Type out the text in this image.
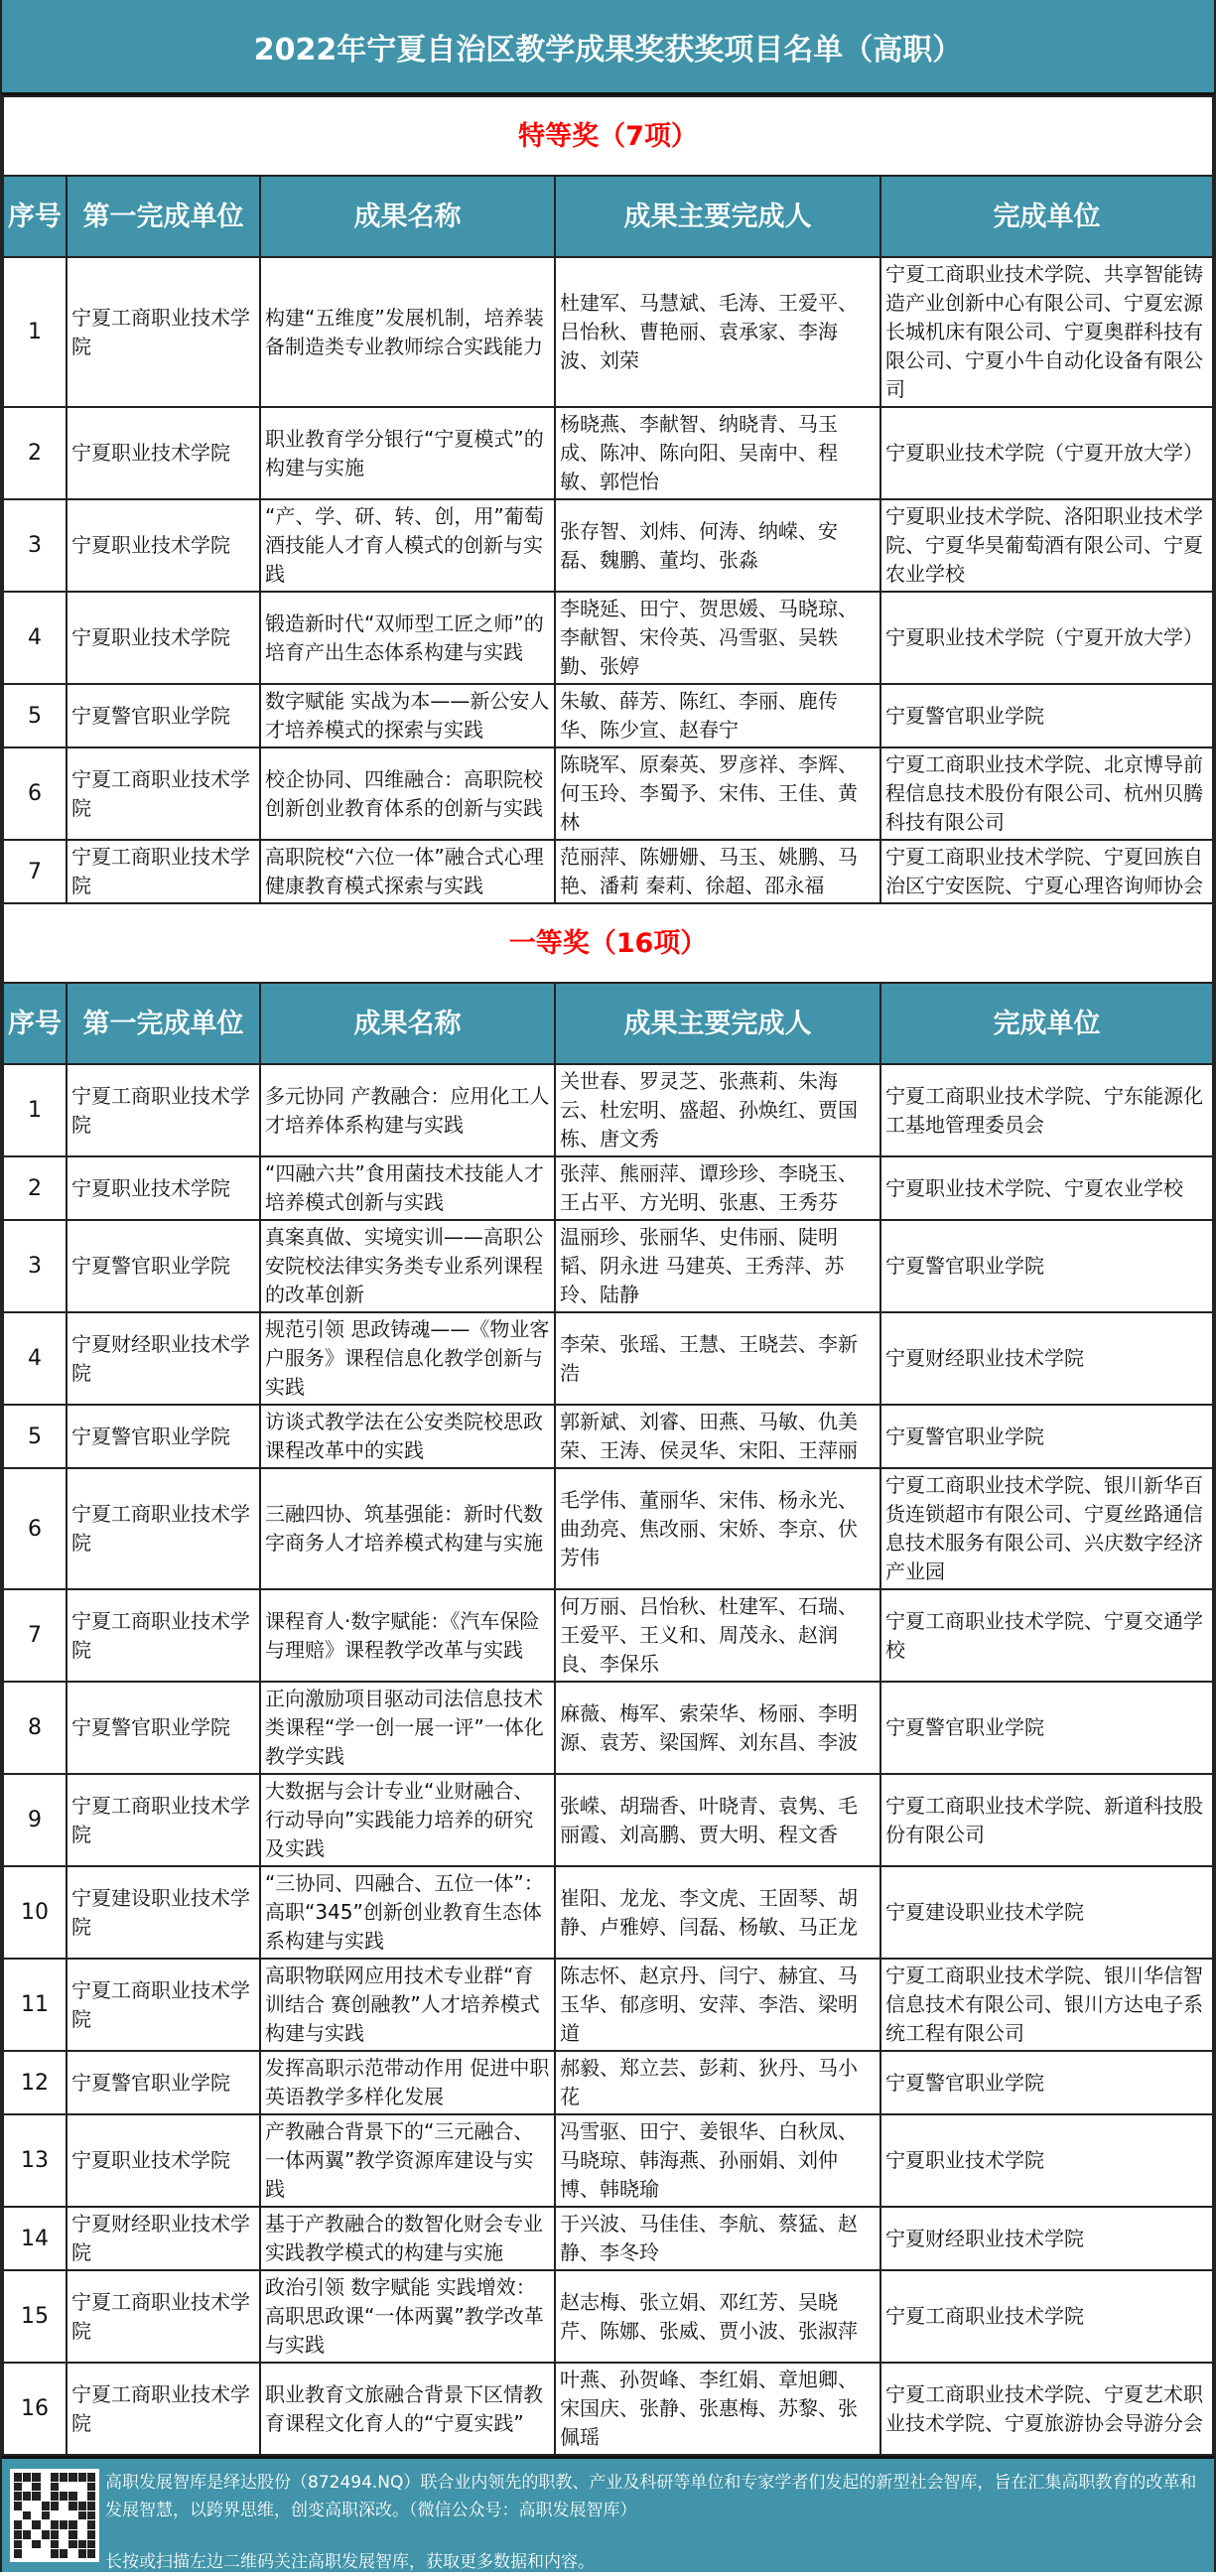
2022年宁夏自治区教学成果奖获奖项目名单（高职）
特等奖（7项）				
序号	第一完成单位	成果名称	成果主要完成人	完成单位
1	宁夏工商职业技术学院	构建“五维度”发展机制，培养装备制造类专业教师综合实践能力	杜建军、马慧斌、毛涛、王爱平、吕怡秋、曹艳丽、袁承家、李海波、刘荣	宁夏工商职业技术学院、共享智能铸造产业创新中心有限公司、宁夏宏源长城机床有限公司、宁夏奥群科技有限公司、宁夏小牛自动化设备有限公司
2	宁夏职业技术学院	职业教育学分银行“宁夏模式”的构建与实施	杨晓燕、李献智、纳晓青、马玉成、陈冲、陈向阳、吴南中、程敏、郭恺怡	宁夏职业技术学院（宁夏开放大学）
3	宁夏职业技术学院	“产、学、研、转、创，用”葡萄酒技能人才育人模式的创新与实践	张存智、刘炜、何涛、纳嵘、安磊、魏鹏、董均、张淼	宁夏职业技术学院、洛阳职业技术学院、宁夏华昊葡萄酒有限公司、宁夏农业学校
4	宁夏职业技术学院	锻造新时代“双师型工匠之师”的培育产出生态体系构建与实践	李晓延、田宁、贺思媛、马晓琼、李献智、宋伶英、冯雪驱、吴轶勤、张婷	宁夏职业技术学院（宁夏开放大学）
5	宁夏警官职业学院	数字赋能 实战为本——新公安人才培养模式的探索与实践	朱敏、薛芳、陈红、李丽、鹿传华、陈少宣、赵春宁	宁夏警官职业学院
6	宁夏工商职业技术学院	校企协同、四维融合：高职院校创新创业教育体系的创新与实践	陈晓军、原秦英、罗彦祥、李辉、何玉玲、李蜀予、宋伟、王佳、黄林	宁夏工商职业技术学院、北京博导前程信息技术股份有限公司、杭州贝腾科技有限公司
7	宁夏工商职业技术学院	高职院校“六位一体”融合式心理健康教育模式探索与实践	范丽萍、陈姗姗、马玉、姚鹏、马艳、潘莉 秦莉、徐超、邵永福	宁夏工商职业技术学院、宁夏回族自治区宁安医院、宁夏心理咨询师协会
一等奖（16项）				
序号	第一完成单位	成果名称	成果主要完成人	完成单位
1	宁夏工商职业技术学院	多元协同 产教融合：应用化工人才培养体系构建与实践	关世春、罗灵芝、张燕莉、朱海云、杜宏明、盛超、孙焕红、贾国栋、唐文秀	宁夏工商职业技术学院、宁东能源化工基地管理委员会
2	宁夏职业技术学院	“四融六共”食用菌技术技能人才培养模式创新与实践	张萍、熊丽萍、谭珍珍、李晓玉、王占平、方光明、张惠、王秀芬	宁夏职业技术学院、宁夏农业学校
3	宁夏警官职业学院	真案真做、实境实训——高职公安院校法律实务类专业系列课程的改革创新	温丽珍、张丽华、史伟丽、陡明韬、阴永进 马建英、王秀萍、苏玲、陆静	宁夏警官职业学院
4	宁夏财经职业技术学院	规范引领 思政铸魂——《物业客户服务》课程信息化教学创新与实践	李荣、张瑶、王慧、王晓芸、李新浩	宁夏财经职业技术学院
5	宁夏警官职业学院	访谈式教学法在公安类院校思政课程改革中的实践	郭新斌、刘睿、田燕、马敏、仇美荣、王涛、侯灵华、宋阳、王萍丽	宁夏警官职业学院
6	宁夏工商职业技术学院	三融四协、筑基强能：新时代数字商务人才培养模式构建与实施	毛学伟、董丽华、宋伟、杨永光、曲劲亮、焦改丽、宋娇、李京、伏芳伟	宁夏工商职业技术学院、银川新华百货连锁超市有限公司、宁夏丝路通信息技术服务有限公司、兴庆数字经济产业园
7	宁夏工商职业技术学院	课程育人·数字赋能：《汽车保险与理赔》课程教学改革与实践	何万丽、吕怡秋、杜建军、石瑞、王爱平、王义和、周茂永、赵润良、李保乐	宁夏工商职业技术学院、宁夏交通学校
8	宁夏警官职业学院	正向激励项目驱动司法信息技术类课程“学一创一展一评”一体化教学实践	麻薇、梅军、索荣华、杨丽、李明源、袁芳、梁国辉、刘东昌、李波	宁夏警官职业学院
9	宁夏工商职业技术学院	大数据与会计专业“业财融合、行动导向”实践能力培养的研究及实践	张嵘、胡瑞香、叶晓青、袁隽、毛丽霞、刘高鹏、贾大明、程文香	宁夏工商职业技术学院、新道科技股份有限公司
10	宁夏建设职业技术学院	“三协同、四融合、五位一体”：高职“345”创新创业教育生态体系构建与实践	崔阳、龙龙、李文虎、王固琴、胡静、卢雅婷、闫磊、杨敏、马正龙	宁夏建设职业技术学院
11	宁夏工商职业技术学院	高职物联网应用技术专业群“育训结合 赛创融教”人才培养模式构建与实践	陈志怀、赵京丹、闫宁、赫宜、马玉华、郁彦明、安萍、李浩、梁明道	宁夏工商职业技术学院、银川华信智信息技术有限公司、银川方达电子系统工程有限公司
12	宁夏警官职业学院	发挥高职示范带动作用 促进中职英语教学多样化发展	郝毅、郑立芸、彭莉、狄丹、马小花	宁夏警官职业学院
13	宁夏职业技术学院	产教融合背景下的“三元融合、一体两翼”教学资源库建设与实践	冯雪驱、田宁、姜银华、白秋凤、马晓琼、韩海燕、孙丽娟、刘仲博、韩晓瑜	宁夏职业技术学院
14	宁夏财经职业技术学院	基于产教融合的数智化财会专业实践教学模式的构建与实施	于兴波、马佳佳、李航、蔡猛、赵静、李冬玲	宁夏财经职业技术学院
15	宁夏工商职业技术学院	政治引领 数字赋能 实践增效：高职思政课“一体两翼”教学改革与实践	赵志梅、张立娟、邓红芳、吴晓芹、陈娜、张威、贾小波、张淑萍	宁夏工商职业技术学院
16	宁夏工商职业技术学院	职业教育文旅融合背景下区情教育课程文化育人的“宁夏实践”	叶燕、孙贺峰、李红娟、章旭卿、宋国庆、张静、张惠梅、苏黎、张佩瑶	宁夏工商职业技术学院、宁夏艺术职业技术学院、宁夏旅游协会导游分会

高职发展智库是绎达股份（872494.NQ）联合业内领先的职教、产业及科研等单位和专家学者们发起的新型社会智库，旨在汇集高职教育的改革和发展智慧，以跨界思维，创变高职深改。（微信公众号：高职发展智库）

长按或扫描左边二维码关注高职发展智库，获取更多数据和内容。
